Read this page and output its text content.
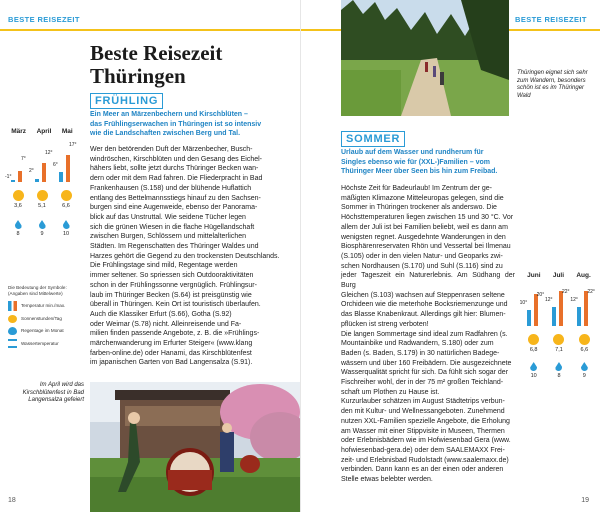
BESTE REISEZEIT
Beste Reisezeit
Thüringen
FRÜHLING
Ein Meer an Märzenbechern und Kirschblüten –
das Frühlingserwachen in Thüringen ist so intensiv
wie die Landschaften zwischen Berg und Tal.
Wer den betörenden Duft der Märzenbecher, Busch-
windröschen, Kirschblüten und den Gesang des Eichel-
hähers liebt, sollte jetzt durchs Thüringer Becken wan-
dern oder mit dem Rad fahren. Die Fliederpracht in Bad
Frankenhausen (S.158) und der blühende Huflattich
entlang des Bettelmannsstiegs hinauf zu den Sachsen-
burgen sind eine Augenweide, ebenso der Panorama-
blick auf das Unstruttal. Wie seidene Tücher legen
sich die grünen Wiesen in die flache Hügellandschaft
zwischen Burgen, Schlössern und mittelalterlichen
Städten. Im Regenschatten des Thüringer Waldes und
Harzes gehört die Gegend zu den trockensten Deutschlands.
Die Frühlingstage sind mild, Regentage werden
immer seltener. So spriessen sich Outdooraktivitäten
schon in der Frühlingssonne vergnüglich. Frühlingsur-
laub im Thüringer Becken (S.64) ist preisgünstig wie
überall in Thüringen. Kein Ort ist touristisch überlaufen.
Auch die Klassiker Erfurt (S.66), Gotha (S.92)
oder Weimar (S.78) nicht. Alleinreisende und Fa-
milien finden passende Angebote, z. B. die »Frühlings-
märchenwanderung im Erfurter Steiger« (www.klang
farben-online.de) oder Hanami, das Kirschblütenfest
im japanischen Garten von Bad Langensalza (S.91).
März April Mai
7°
-1°
12°
2°
17°
6°
3,6	5,1	6,6
8	9	10
Die Bedeutung der Symbole: (Angaben sind Mittelwerte)
Temperatur min./max.
Sonnenstunden/Tag
Regentage im Monat
Wassertemperatur
Im April wird das Kirschblütenfest in Bad Langensalza gefeiert
18
BESTE REISEZEIT
Thüringen eignet sich sehr zum Wandern, besonders schön ist es im Thüringer Wald
SOMMER
Urlaub auf dem Wasser und rundherum für
Singles ebenso wie für (XXL-)Familien – vom
Thüringer Meer über Seen bis hin zum Freibad.
Höchste Zeit für Badeurlaub! Im Zentrum der ge-
mäßigten Klimazone Mitteleuropas gelegen, sind die
Sommer in Thüringen trockener als anderswo. Die
Höchsttemperaturen liegen zwischen 15 und 30 °C. Vor
allem der Juli ist bei Familien beliebt, weil es dann am
wenigsten regnet. Ausgedehnte Wanderungen in den
Biosphärenreservaten Rhön und Vessertal bei Ilmenau
(S.105) oder in den vielen Natur- und Geoparks zwi-
schen Nordhausen (S.170) und Suhl (S.116) sind zu
jeder Tageszeit ein Naturerlebnis. Am Südhang der Burg
Gleichen (S.103) wachsen auf Steppenrasen seltene
Orchideen wie die meterhohe Bocksriemenzunge und
das Blasse Knabenkraut. Allerdings gilt hier: Blumen-
pflücken ist streng verboten!
Die langen Sommertage sind ideal zum Radfahren (s.
Mountainbike und Radwandern, S.180) oder zum
Baden (s. Baden, S.179) in 30 natürlichen Badege-
wässern und über 160 Freibädern. Die ausgezeichnete
Wasserqualität spricht für sich. Da fühlt sich sogar der
Fischreiher wohl, der in der 75 m² großen Teichland-
schaft um Plothen zu Hause ist.
Kurzurlauber schätzen im August Städtetrips verbun-
den mit Kultur- und Wellnessangeboten. Zunehmend
nutzen XXL-Familien spezielle Angebote, die Erholung
am Wasser mit einer Stippvisite in Museen, Thermen
oder Erlebnisbädern wie im Hofwiesenbad Gera (www.
hofwiesenbad-gera.de) oder dem SAALEMAXX Frei-
zeit- und Erlebnisbad Rudolstadt (www.saalemaxx.de)
verbinden. Dann kann es an der einen oder anderen
Stelle etwas belebter werden.
Juni Juli Aug.
20°
10°
22°
12°
22°
12°
6,8	7,1	6,6
10	8	9
19
